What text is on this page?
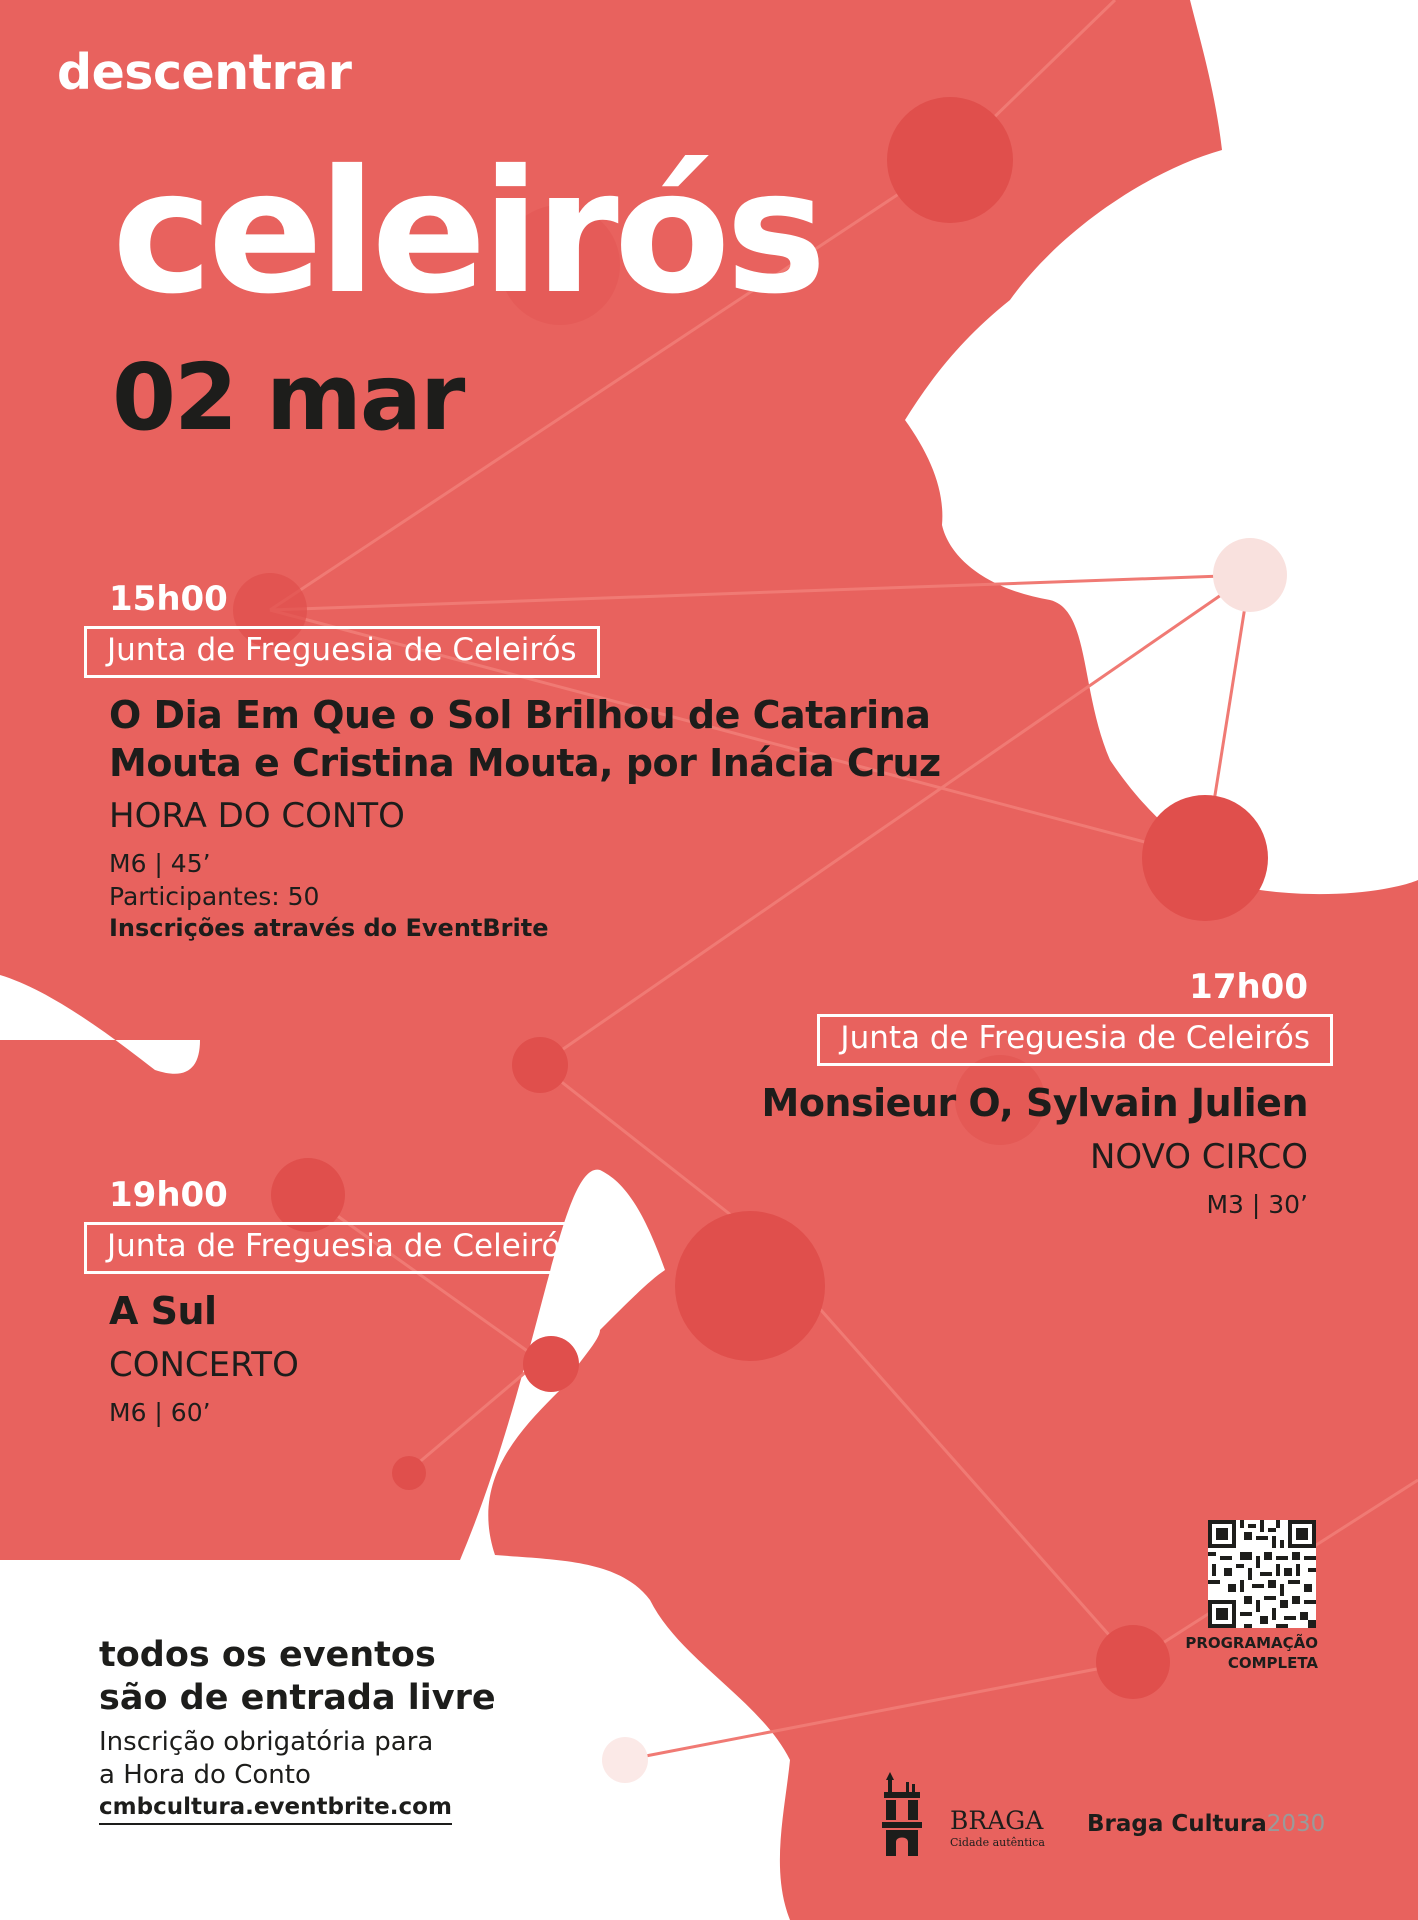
descentrar
celeirós
02 mar
15h00
Junta de Freguesia de Celeirós
O Dia Em Que o Sol Brilhou de Catarina
Mouta e Cristina Mouta, por Inácia Cruz
HORA DO CONTO
M6 | 45’
Participantes: 50
Inscrições através do EventBrite
17h00
Junta de Freguesia de Celeirós
Monsieur O, Sylvain Julien
NOVO CIRCO
M3 | 30’
19h00
Junta de Freguesia de Celeirós
A Sul
CONCERTO
M6 | 60’
todos os eventos
são de entrada livre
Inscrição obrigatória para
a Hora do Conto
cmbcultura.eventbrite.com
PROGRAMAÇÃO
COMPLETA
BRAGA
Cidade autêntica
Braga Cultura2030
